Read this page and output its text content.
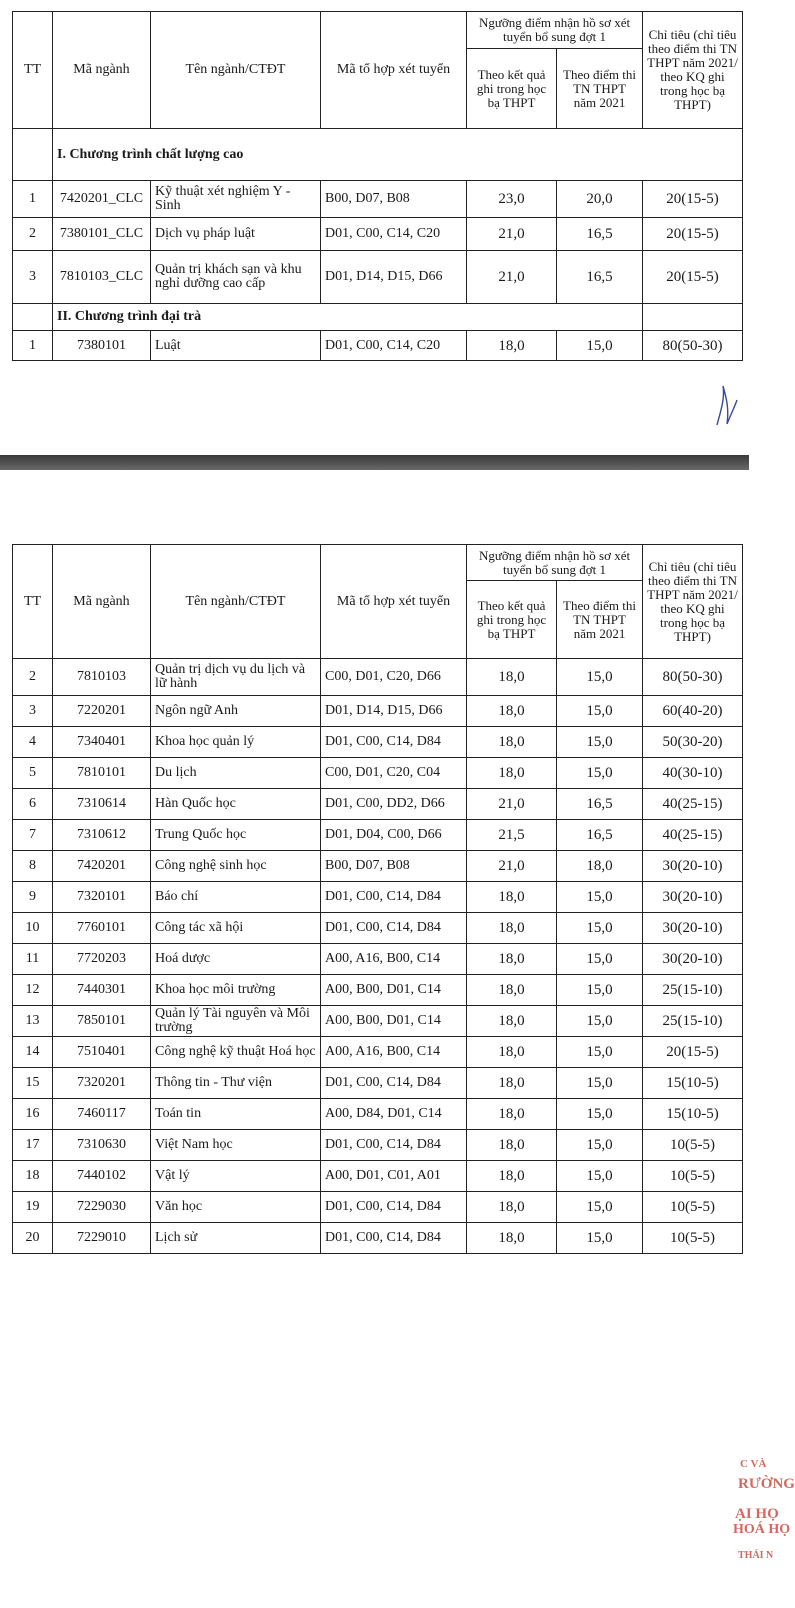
TT	Mã ngành	Tên ngành/CTĐT	Mã tổ hợp xét tuyển	Ngưỡng điểm nhận hồ sơ xét tuyển bổ sung đợt 1		Chỉ tiêu (chỉ tiêu theo điểm thi TN THPT năm 2021/ theo KQ ghi trong học bạ THPT)
				Theo kết quả ghi trong học bạ THPT	Theo điểm thi TN THPT năm 2021	
	I. Chương trình chất lượng cao					
1	7420201_CLC	Kỹ thuật xét nghiệm Y - Sinh	B00, D07, B08	23,0	20,0	20(15-5)
2	7380101_CLC	Dịch vụ pháp luật	D01, C00, C14, C20	21,0	16,5	20(15-5)
3	7810103_CLC	Quản trị khách sạn và khu nghỉ dưỡng cao cấp	D01, D14, D15, D66	21,0	16,5	20(15-5)
	II. Chương trình đại trà					
1	7380101	Luật	D01, C00, C14, C20	18,0	15,0	80(50-30)
TT	Mã ngành	Tên ngành/CTĐT	Mã tổ hợp xét tuyển	Ngưỡng điểm nhận hồ sơ xét tuyển bổ sung đợt 1		Chỉ tiêu (chỉ tiêu theo điểm thi TN THPT năm 2021/ theo KQ ghi trong học bạ THPT)
				Theo kết quả ghi trong học bạ THPT	Theo điểm thi TN THPT năm 2021	
2	7810103	Quản trị dịch vụ du lịch và lữ hành	C00, D01, C20, D66	18,0	15,0	80(50-30)
3	7220201	Ngôn ngữ Anh	D01, D14, D15, D66	18,0	15,0	60(40-20)
4	7340401	Khoa học quản lý	D01, C00, C14, D84	18,0	15,0	50(30-20)
5	7810101	Du lịch	C00, D01, C20, C04	18,0	15,0	40(30-10)
6	7310614	Hàn Quốc học	D01, C00, DD2, D66	21,0	16,5	40(25-15)
7	7310612	Trung Quốc học	D01, D04, C00, D66	21,5	16,5	40(25-15)
8	7420201	Công nghệ sinh học	B00, D07, B08	21,0	18,0	30(20-10)
9	7320101	Báo chí	D01, C00, C14, D84	18,0	15,0	30(20-10)
10	7760101	Công tác xã hội	D01, C00, C14, D84	18,0	15,0	30(20-10)
11	7720203	Hoá dược	A00, A16, B00, C14	18,0	15,0	30(20-10)
12	7440301	Khoa học môi trường	A00, B00, D01, C14	18,0	15,0	25(15-10)
13	7850101	Quản lý Tài nguyên và Môi trường	A00, B00, D01, C14	18,0	15,0	25(15-10)
14	7510401	Công nghệ kỹ thuật Hoá học	A00, A16, B00, C14	18,0	15,0	20(15-5)
15	7320201	Thông tin - Thư viện	D01, C00, C14, D84	18,0	15,0	15(10-5)
16	7460117	Toán tin	A00, D84, D01, C14	18,0	15,0	15(10-5)
17	7310630	Việt Nam học	D01, C00, C14, D84	18,0	15,0	10(5-5)
18	7440102	Vật lý	A00, D01, C01, A01	18,0	15,0	10(5-5)
19	7229030	Văn học	D01, C00, C14, D84	18,0	15,0	10(5-5)
20	7229010	Lịch sử	D01, C00, C14, D84	18,0	15,0	10(5-5)
C VÀ
RƯỜNG
ẠI HỌ
HOÁ HỌ
THÁI N
